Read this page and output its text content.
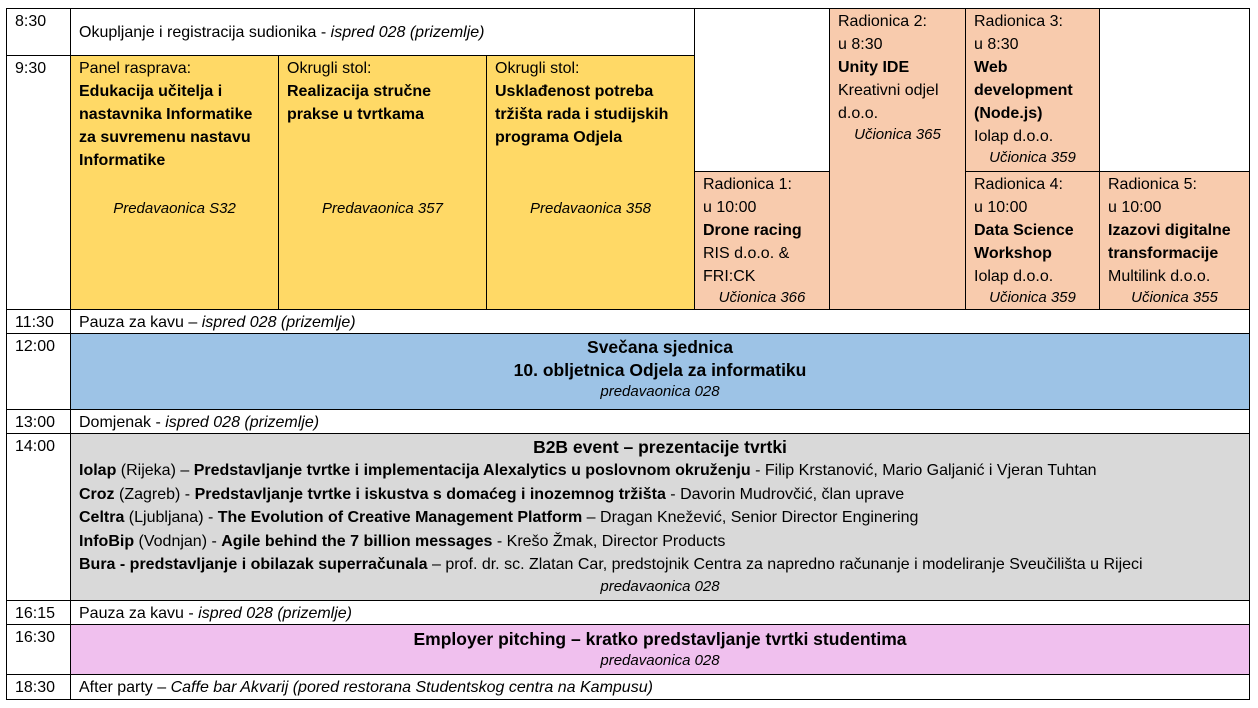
8:30
9:30
11:30
12:00
13:00
14:00
16:15
16:30
18:30
Okupljanje i registracija sudionika - ispred 028 (prizemlje)
Panel rasprava:
Edukacija učitelja i nastavnika Informatike za suvremenu nastavu Informatike
Predavaonica S32
Okrugli stol:
Realizacija stručne prakse u tvrtkama
Predavaonica 357
Okrugli stol:
Usklađenost potreba tržišta rada i studijskih programa Odjela
Predavaonica 358
Radionica 1:
u 10:00
Drone racing
RIS d.o.o. & FRI:CK
Učionica 366
Radionica 2:
u 8:30
Unity IDE
Kreativni odjel d.o.o.
Učionica 365
Radionica 3:
u 8:30
Web development (Node.js)
Iolap d.o.o.
Učionica 359
Radionica 4:
u 10:00
Data Science Workshop
Iolap d.o.o.
Učionica 359
Radionica 5:
u 10:00
Izazovi digitalne transformacije
Multilink d.o.o.
Učionica 355
Pauza za kavu – ispred 028 (prizemlje)
Svečana sjednica
10. obljetnica Odjela za informatiku
predavaonica 028
Domjenak - ispred 028 (prizemlje)
B2B event – prezentacije tvrtki
Iolap (Rijeka) – Predstavljanje tvrtke i implementacija Alexalytics u poslovnom okruženju - Filip Krstanović, Mario Galjanić i Vjeran Tuhtan
Croz (Zagreb) - Predstavljanje tvrtke i iskustva s domaćeg i inozemnog tržišta - Davorin Mudrovčić, član uprave
Celtra (Ljubljana) - The Evolution of Creative Management Platform – Dragan Knežević, Senior Director Enginering
InfoBip (Vodnjan) - Agile behind the 7 billion messages - Krešo Žmak, Director Products
Bura - predstavljanje i obilazak superračunala – prof. dr. sc. Zlatan Car, predstojnik Centra za napredno računanje i modeliranje Sveučilišta u Rijeci
predavaonica 028
Pauza za kavu - ispred 028 (prizemlje)
Employer pitching – kratko predstavljanje tvrtki studentima
predavaonica 028
After party – Caffe bar Akvarij (pored restorana Studentskog centra na Kampusu)
